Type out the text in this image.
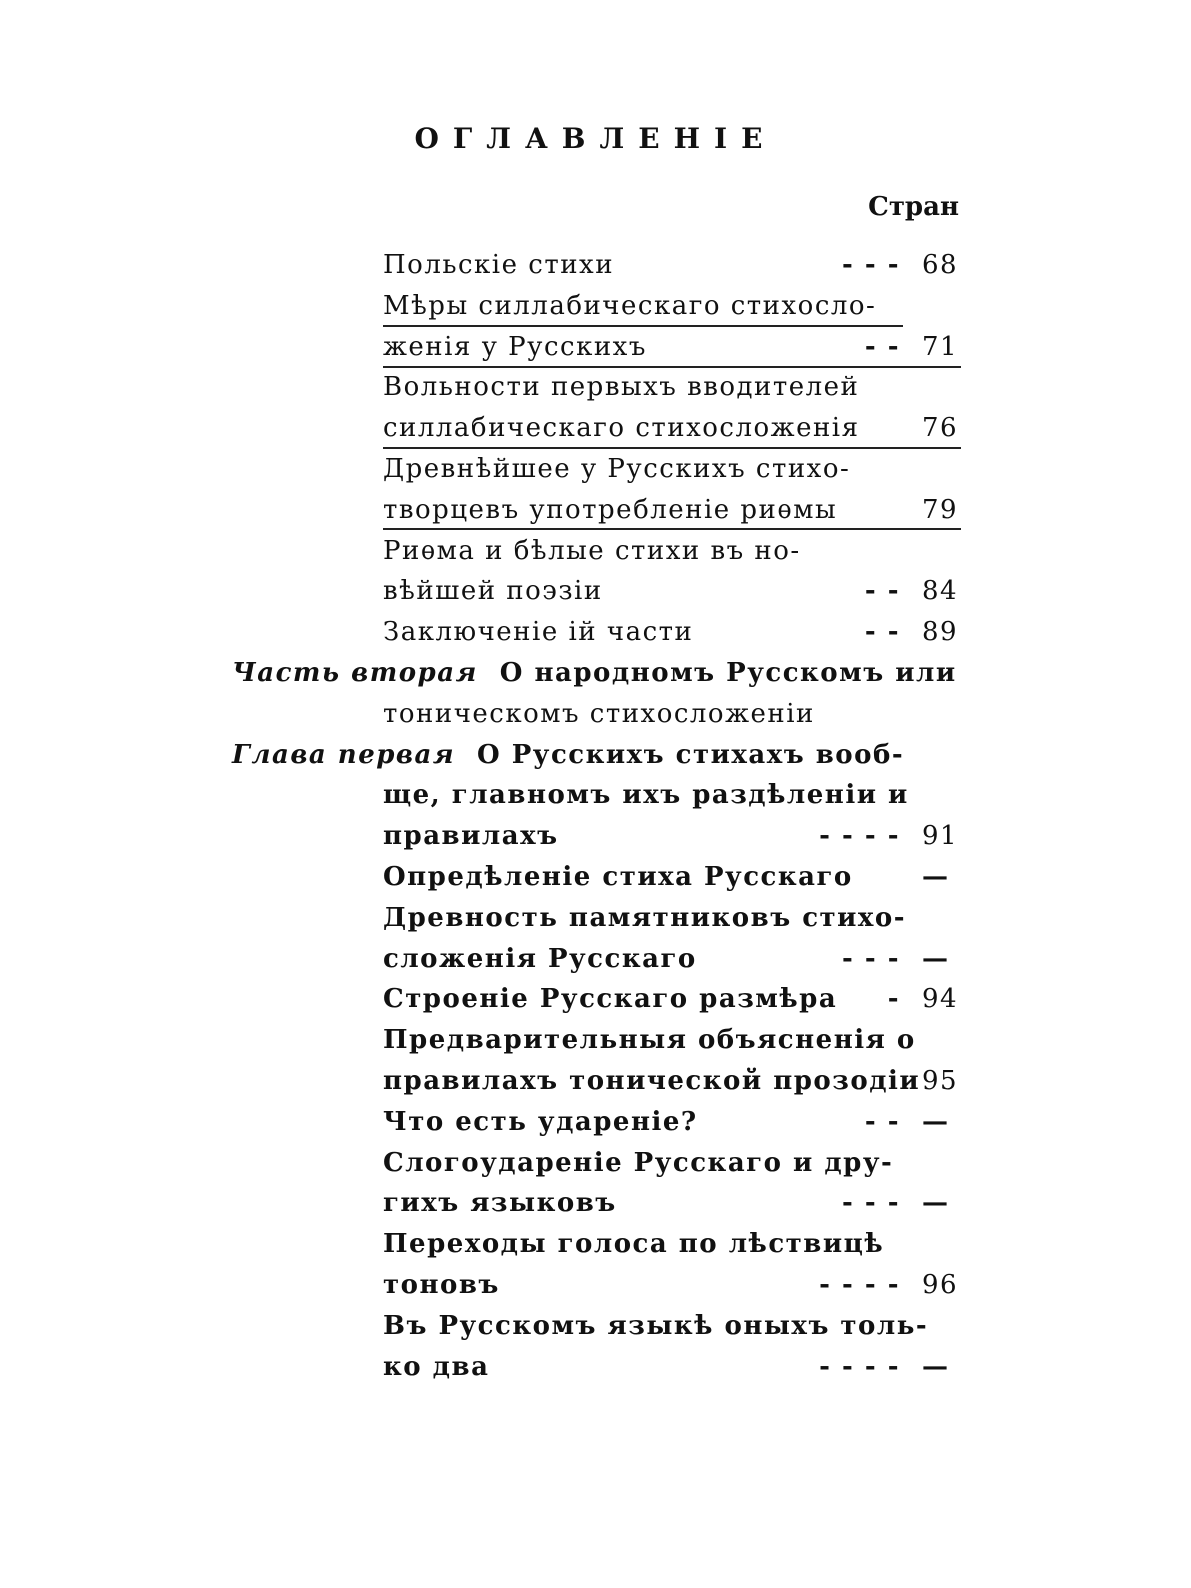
ОГЛАВЛЕНІЕ
Стран
Польскіе стихи	- - - 68
Мѣры силлабическаго стихосло-
женія у Русскихъ	- - 71
Вольности первыхъ вводителей
силлабическаго стихосложенія 76
Древнѣйшее у Русскихъ стихо-
творцевъ употребленіе риѳмы	79
Риѳма и бѣлые стихи въ но-
вѣйшей поэзіи	- - 84
Заключеніе ій части	- - 89
Часть вторая О народномъ Русскомъ или
тоническомъ стихосложеніи
Глава первая О Русскихъ стихахъ вооб-
ще, главномъ ихъ раздѣленіи и
правилахъ	- - - - 91
Опредѣленіе стиха Русскаго	—
Древность памятниковъ стихо-
сложенія Русскаго	- - - —
Строеніе Русскаго размѣра - 94
Предварительныя объясненія о
правилахъ тонической прозодіи 95
Что есть удареніе?	- - —
Слогоудареніе Русскаго и дру-
гихъ языковъ	- - - —
Переходы голоса по лѣствицѣ
тоновъ	- - - - 96
Въ Русскомъ языкѣ оныхъ толь-
ко два	- - - - —
